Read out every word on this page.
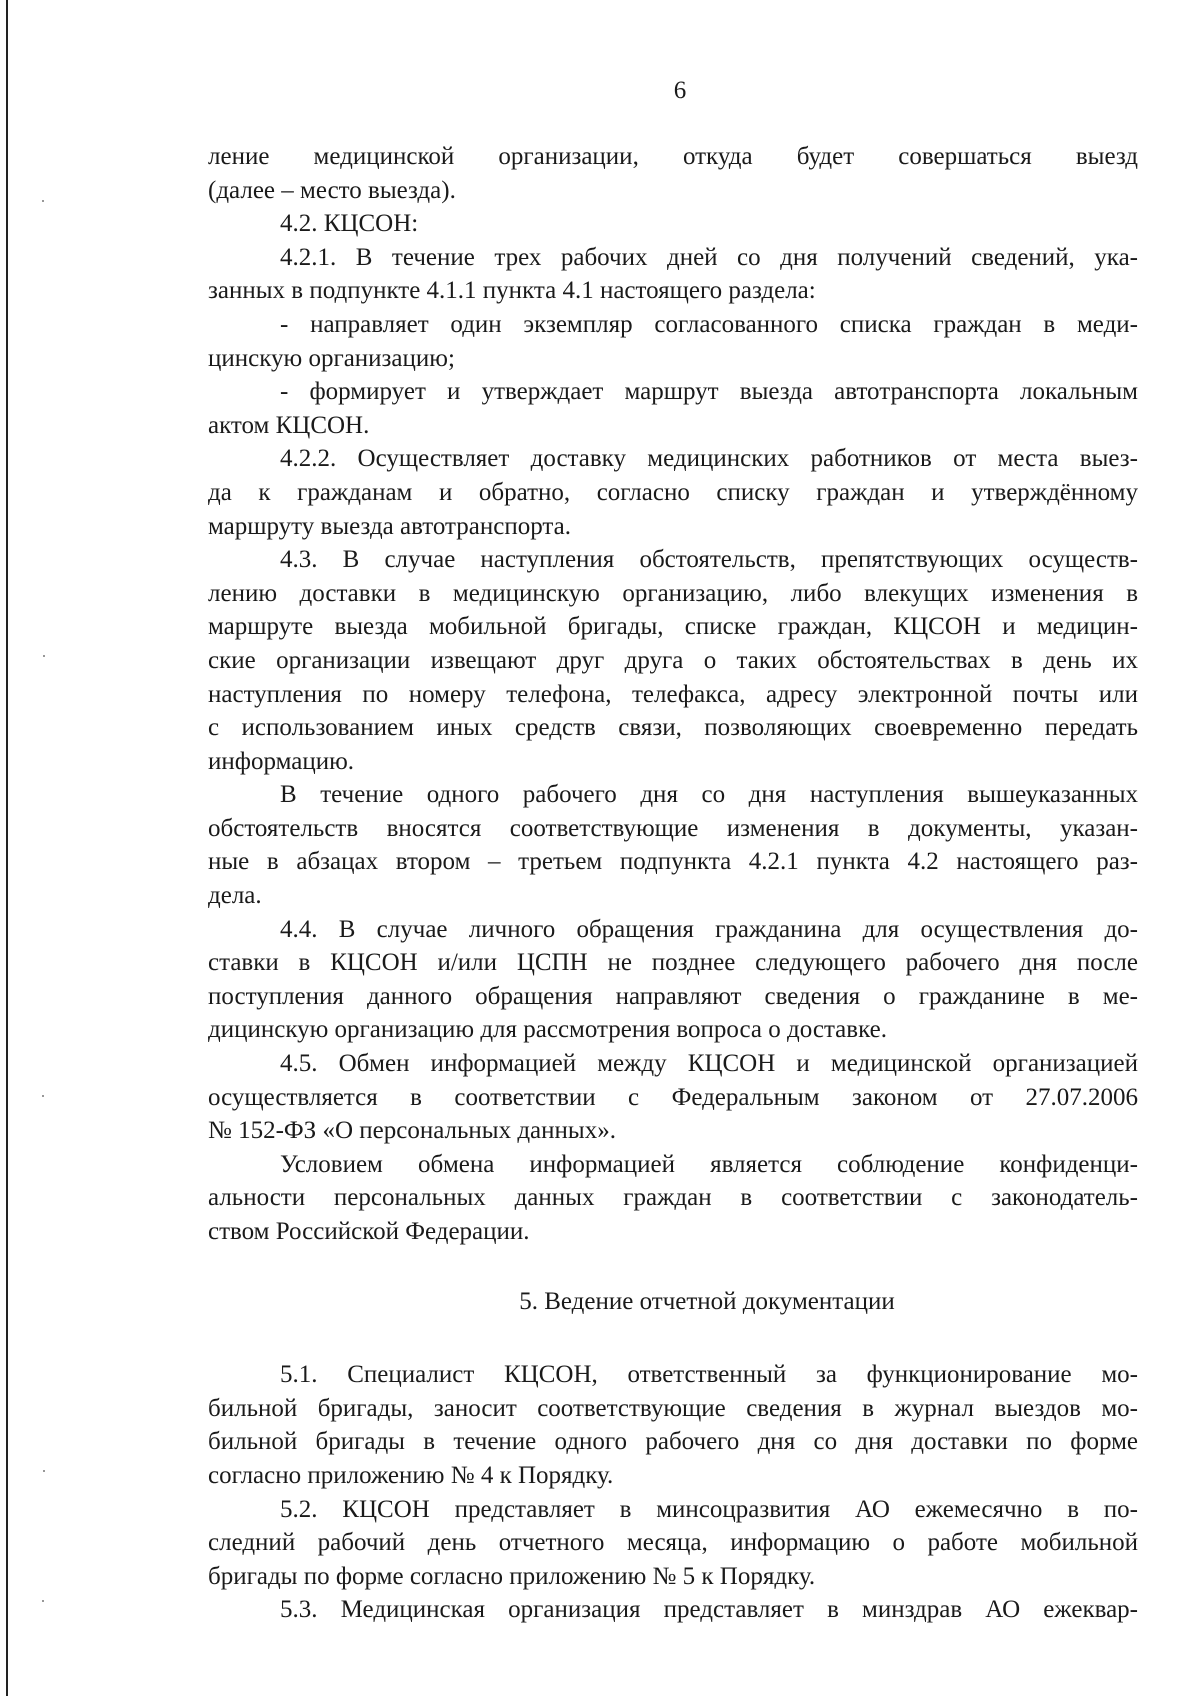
6

ление медицинской организации, откуда будет совершаться выезд

(далее – место выезда).

4.2. КЦСОН:

4.2.1. В течение трех рабочих дней со дня получений сведений, ука-

занных в подпункте 4.1.1 пункта 4.1 настоящего раздела:

- направляет один экземпляр согласованного списка граждан в меди-

цинскую организацию;

- формирует и утверждает маршрут выезда автотранспорта локальным

актом КЦСОН.

4.2.2. Осуществляет доставку медицинских работников от места выез-

да к гражданам и обратно, согласно списку граждан и утверждённому

маршруту выезда автотранспорта.

4.3. В случае наступления обстоятельств, препятствующих осуществ-

лению доставки в медицинскую организацию, либо влекущих изменения в

маршруте выезда мобильной бригады, списке граждан, КЦСОН и медицин-

ские организации извещают друг друга о таких обстоятельствах в день их

наступления по номеру телефона, телефакса, адресу электронной почты или

с использованием иных средств связи, позволяющих своевременно передать

информацию.

В течение одного рабочего дня со дня наступления вышеуказанных

обстоятельств вносятся соответствующие изменения в документы, указан-

ные в абзацах втором – третьем подпункта 4.2.1 пункта 4.2 настоящего раз-

дела.

4.4. В случае личного обращения гражданина для осуществления до-

ставки в КЦСОН и/или ЦСПН не позднее следующего рабочего дня после

поступления данного обращения направляют сведения о гражданине в ме-

дицинскую организацию для рассмотрения вопроса о доставке.

4.5. Обмен информацией между КЦСОН и медицинской организацией

осуществляется в соответствии с Федеральным законом от 27.07.2006

№ 152-ФЗ «О персональных данных».

Условием обмена информацией является соблюдение конфиденци-

альности персональных данных граждан в соответствии с законодатель-

ством Российской Федерации.

5. Ведение отчетной документации

5.1. Специалист КЦСОН, ответственный за функционирование мо-

бильной бригады, заносит соответствующие сведения в журнал выездов мо-

бильной бригады в течение одного рабочего дня со дня доставки по форме

согласно приложению № 4 к Порядку.

5.2. КЦСОН представляет в минсоцразвития АО ежемесячно в по-

следний рабочий день отчетного месяца, информацию о работе мобильной

бригады по форме согласно приложению № 5 к Порядку.

5.3. Медицинская организация представляет в минздрав АО ежеквар-
